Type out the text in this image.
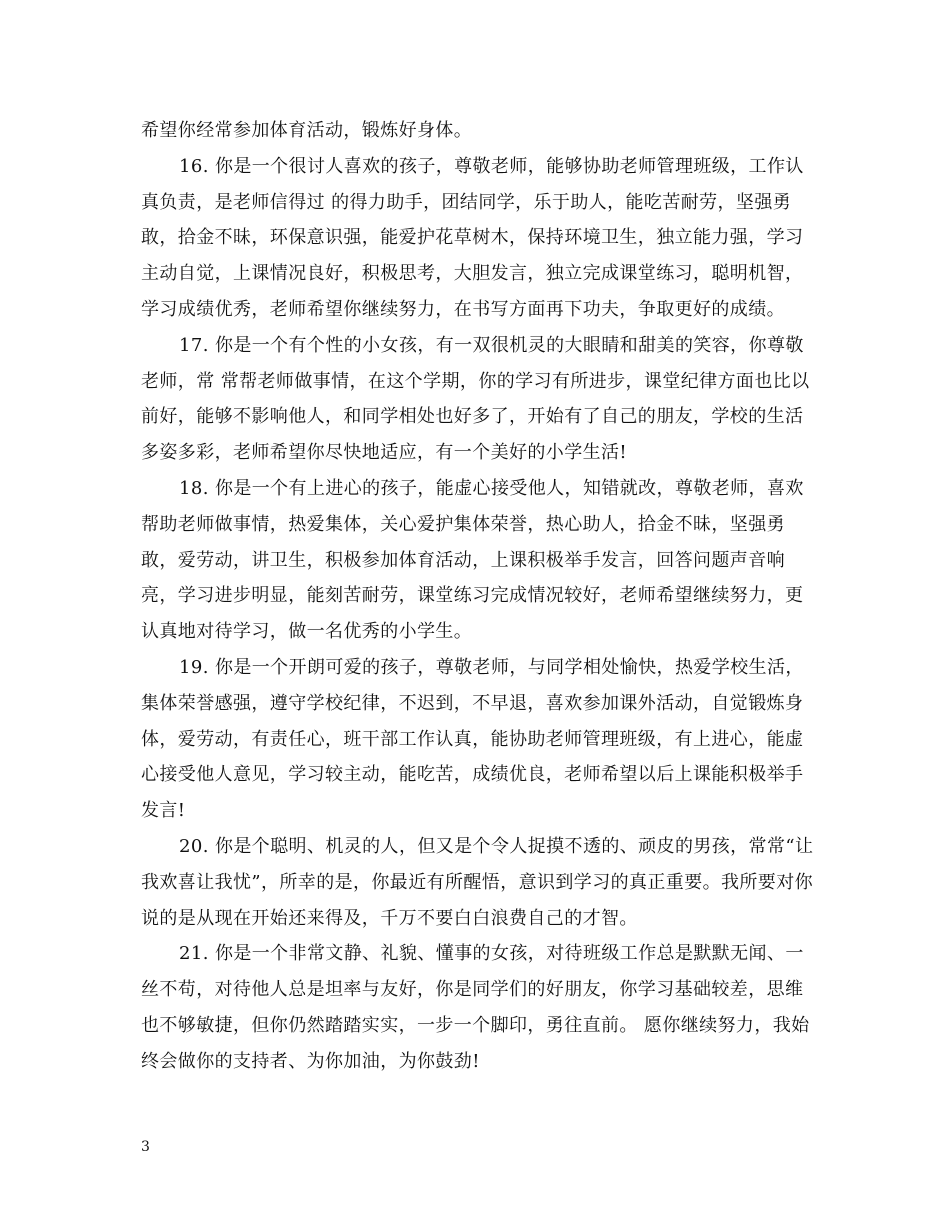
希望你经常参加体育活动，锻炼好身体。

16. 你是一个很讨人喜欢的孩子，尊敬老师，能够协助老师管理班级，工作认真负责，是老师信得过 的得力助手，团结同学，乐于助人，能吃苦耐劳，坚强勇敢，拾金不昧，环保意识强，能爱护花草树木，保持环境卫生，独立能力强，学习主动自觉，上课情况良好，积极思考，大胆发言，独立完成课堂练习，聪明机智，学习成绩优秀，老师希望你继续努力，在书写方面再下功夫，争取更好的成绩。

17. 你是一个有个性的小女孩，有一双很机灵的大眼睛和甜美的笑容，你尊敬老师，常 常帮老师做事情，在这个学期，你的学习有所进步，课堂纪律方面也比以前好，能够不影响他人，和同学相处也好多了，开始有了自己的朋友，学校的生活多姿多彩，老师希望你尽快地适应，有一个美好的小学生活!

18. 你是一个有上进心的孩子，能虚心接受他人，知错就改，尊敬老师，喜欢帮助老师做事情，热爱集体，关心爱护集体荣誉，热心助人，拾金不昧，坚强勇敢，爱劳动，讲卫生，积极参加体育活动，上课积极举手发言，回答问题声音响亮，学习进步明显，能刻苦耐劳，课堂练习完成情况较好，老师希望继续努力，更认真地对待学习，做一名优秀的小学生。

19. 你是一个开朗可爱的孩子，尊敬老师，与同学相处愉快，热爱学校生活，集体荣誉感强，遵守学校纪律，不迟到，不早退，喜欢参加课外活动，自觉锻炼身体，爱劳动，有责任心，班干部工作认真，能协助老师管理班级，有上进心，能虚心接受他人意见，学习较主动，能吃苦，成绩优良，老师希望以后上课能积极举手发言!

20. 你是个聪明、机灵的人，但又是个令人捉摸不透的、顽皮的男孩，常常“让我欢喜让我忧”，所幸的是，你最近有所醒悟，意识到学习的真正重要。我所要对你说的是从现在开始还来得及，千万不要白白浪费自己的才智。

21. 你是一个非常文静、礼貌、懂事的女孩，对待班级工作总是默默无闻、一丝不苟，对待他人总是坦率与友好，你是同学们的好朋友，你学习基础较差，思维也不够敏捷，但你仍然踏踏实实，一步一个脚印，勇往直前。 愿你继续努力，我始终会做你的支持者、为你加油，为你鼓劲!

3
